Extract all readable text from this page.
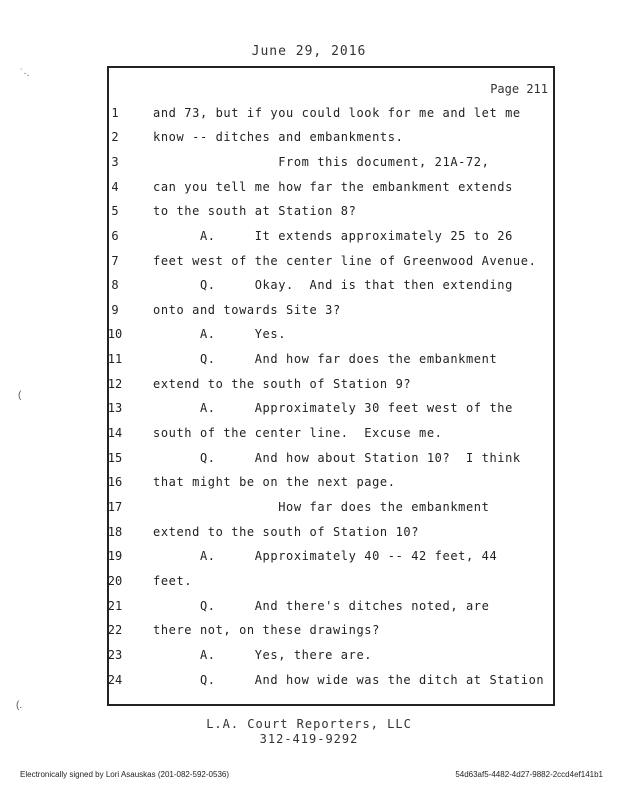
June 29, 2016
Page 211
1	and 73, but if you could look for me and let me
2	know -- ditches and embankments.
3	From this document, 21A-72,
4	can you tell me how far the embankment extends
5	to the south at Station 8?
6	A.     It extends approximately 25 to 26
7	feet west of the center line of Greenwood Avenue.
8	Q.     Okay.  And is that then extending
9	onto and towards Site 3?
10	A.     Yes.
11	Q.     And how far does the embankment
12	extend to the south of Station 9?
13	A.     Approximately 30 feet west of the
14	south of the center line.  Excuse me.
15	Q.     And how about Station 10?  I think
16	that might be on the next page.
17	How far does the embankment
18	extend to the south of Station 10?
19	A.     Approximately 40 -- 42 feet, 44
20	feet.
21	Q.     And there's ditches noted, are
22	there not, on these drawings?
23	A.     Yes, there are.
24	Q.     And how wide was the ditch at Station
L.A. Court Reporters, LLC
312-419-9292
Electronically signed by Lori Asauskas (201-082-592-0536)	54d63af5-4482-4d27-9882-2ccd4ef141b1
˙·.
(
(.
